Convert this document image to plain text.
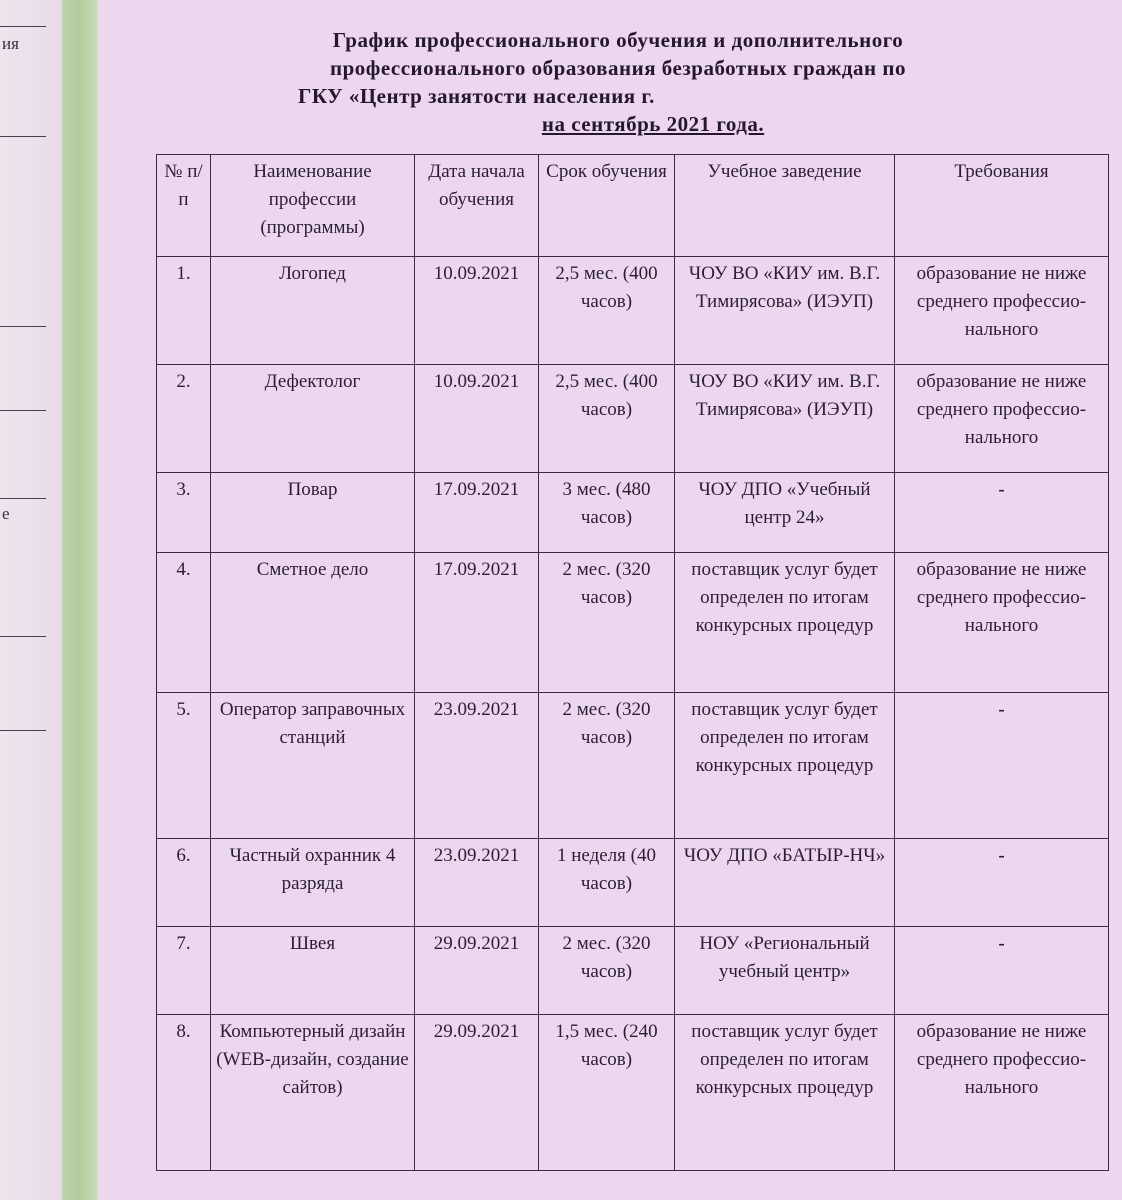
ия
е
График профессионального обучения и дополнительного
профессионального образования безработных граждан по
ГКУ «Центр занятости населения г.
на сентябрь 2021 года.
№ п/п	Наименование профессии (программы)	Дата начала обучения	Срок обучения	Учебное заведение	Требования
1.	Логопед	10.09.2021	2,5 мес. (400 часов)	ЧОУ ВО «КИУ им. В.Г. Тимирясова» (ИЭУП)	образование не ниже среднего профессио-нального
2.	Дефектолог	10.09.2021	2,5 мес. (400 часов)	ЧОУ ВО «КИУ им. В.Г. Тимирясова» (ИЭУП)	образование не ниже среднего профессио-нального
3.	Повар	17.09.2021	3 мес. (480 часов)	ЧОУ ДПО «Учебный центр 24»	-
4.	Сметное дело	17.09.2021	2 мес. (320 часов)	поставщик услуг будет определен по итогам конкурсных процедур	образование не ниже среднего профессио-нального
5.	Оператор заправочных станций	23.09.2021	2 мес. (320 часов)	поставщик услуг будет определен по итогам конкурсных процедур	-
6.	Частный охранник 4 разряда	23.09.2021	1 неделя (40 часов)	ЧОУ ДПО «БАТЫР-НЧ»	-
7.	Швея	29.09.2021	2 мес. (320 часов)	НОУ «Региональный учебный центр»	-
8.	Компьютерный дизайн (WEB-дизайн, создание сайтов)	29.09.2021	1,5 мес. (240 часов)	поставщик услуг будет определен по итогам конкурсных процедур	образование не ниже среднего профессио-нального
